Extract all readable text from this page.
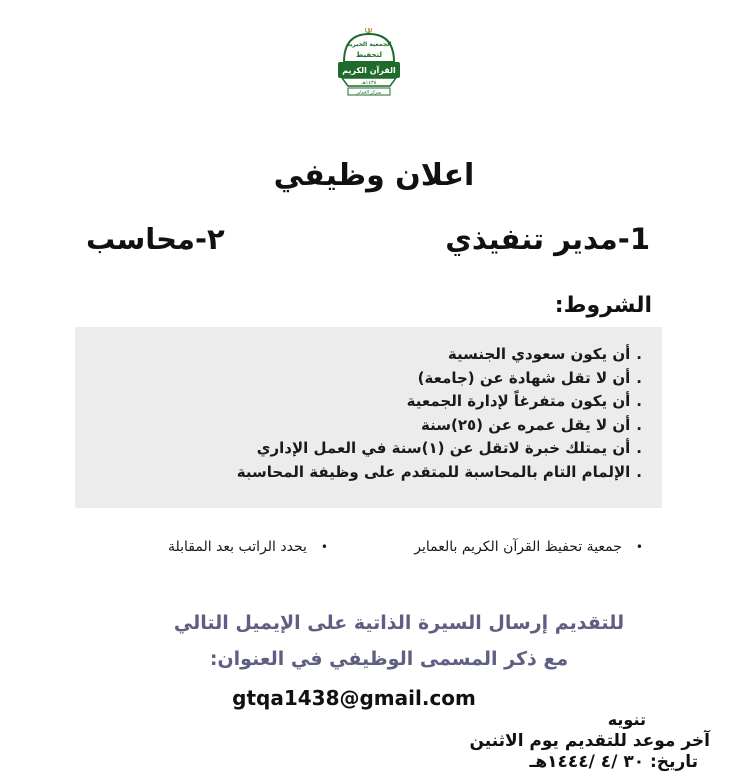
الجمعية الخيرية
لتحفيظ
القرآن الكريم
١٤٣٨هـ
بمركز العماير
اعلان وظيفي
1-مدير تنفيذي
٢-محاسب
الشروط:
.أن يكون سعودي الجنسية
.أن لا تقل شهادة عن (جامعة)
.أن يكون متفرغاً لإدارة الجمعية
.أن لا يقل عمره عن (٢٥)سنة
.أن يمتلك خبرة لاتقل عن (١)سنة في العمل الإداري
.الإلمام التام بالمحاسبة للمتقدم على وظيفة المحاسبة
•جمعية تحفيظ القرآن الكريم بالعماير
•يحدد الراتب بعد المقابلة
للتقديم إرسال السيرة الذاتية على الإيميل التالي
مع ذكر المسمى الوظيفي في العنوان:
gtqa1438@gmail.com
تنويه
آخر موعد للتقديم يوم الاثنين
تاريخ: ٣٠ /٤ /١٤٤٤هـ
